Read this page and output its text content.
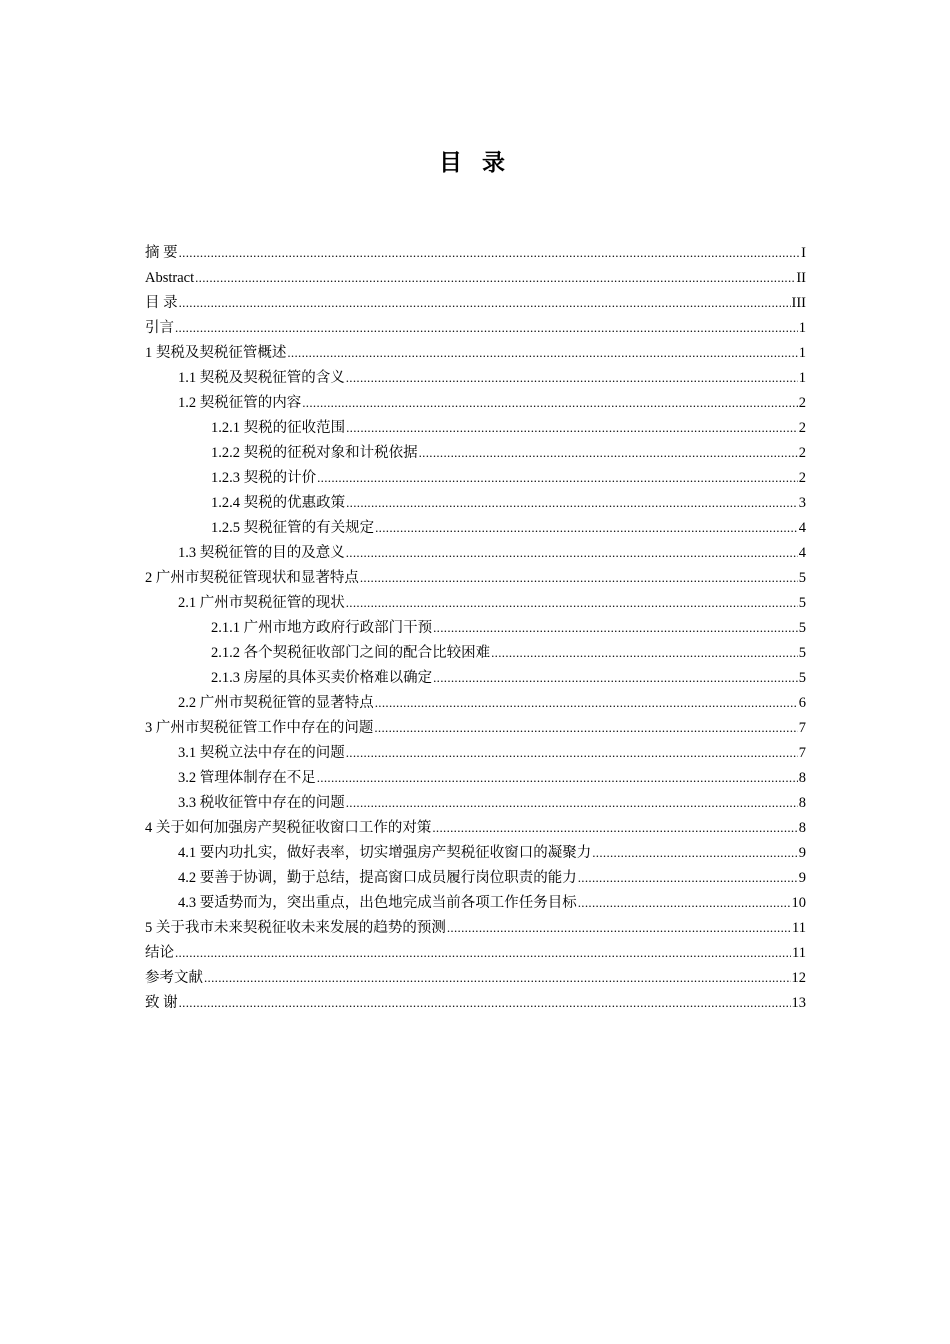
目 录
摘 要 .....	I
Abstract .....	II
目 录 .....	III
引言 .....	1
1 契税及契税征管概述 .....	1
1.1 契税及契税征管的含义 .....	1
1.2 契税征管的内容 .....	2
1.2.1 契税的征收范围 .....	2
1.2.2 契税的征税对象和计税依据 .....	2
1.2.3 契税的计价 .....	2
1.2.4 契税的优惠政策 .....	3
1.2.5 契税征管的有关规定 .....	4
1.3 契税征管的目的及意义 .....	4
2 广州市契税征管现状和显著特点 .....	5
2.1 广州市契税征管的现状 .....	5
2.1.1 广州市地方政府行政部门干预 .....	5
2.1.2 各个契税征收部门之间的配合比较困难 .....	5
2.1.3 房屋的具体买卖价格难以确定 .....	5
2.2 广州市契税征管的显著特点 .....	6
3 广州市契税征管工作中存在的问题 .....	7
3.1 契税立法中存在的问题 .....	7
3.2 管理体制存在不足 .....	8
3.3 税收征管中存在的问题 .....	8
4 关于如何加强房产契税征收窗口工作的对策 .....	8
4.1 要内功扎实，做好表率，切实增强房产契税征收窗口的凝聚力 .....	9
4.2 要善于协调，勤于总结，提高窗口成员履行岗位职责的能力 .....	9
4.3 要适势而为，突出重点，出色地完成当前各项工作任务目标 .....	10
5 关于我市未来契税征收未来发展的趋势的预测 .....	11
结论 .....	11
参考文献 .....	12
致 谢 .....	13
